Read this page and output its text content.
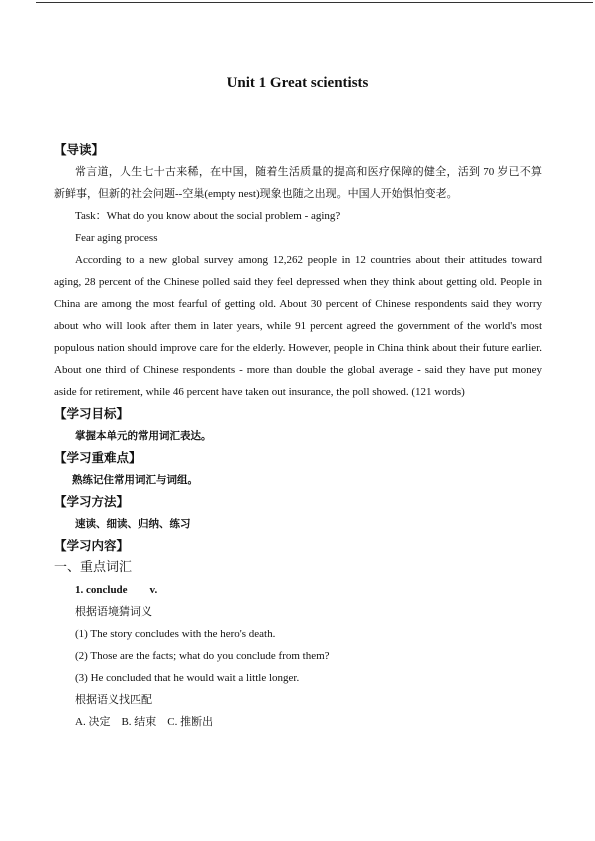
Unit 1 Great scientists
【导读】
常言道，人生七十古来稀，在中国，随着生活质量的提高和医疗保障的健全，活到 70 岁已不算新鲜事，但新的社会问题--空巢(empty nest)现象也随之出现。中国人开始惧怕变老。
Task：What do you know about the social problem - aging?
Fear aging process
According to a new global survey among 12,262 people in 12 countries about their attitudes toward aging, 28 percent of the Chinese polled said they feel depressed when they think about getting old. People in China are among the most fearful of getting old. About 30 percent of Chinese respondents said they worry about who will look after them in later years, while 91 percent agreed the government of the world's most populous nation should improve care for the elderly. However, people in China think about their future earlier. About one third of Chinese respondents - more than double the global average - said they have put money aside for retirement, while 46 percent have taken out insurance, the poll showed. (121 words)
【学习目标】
掌握本单元的常用词汇表达。
【学习重难点】
熟练记住常用词汇与词组。
【学习方法】
速读、细读、归纳、练习
【学习内容】
一、重点词汇
1. conclude        v.
根据语境猜词义
(1) The story concludes with the hero's death.
(2) Those are the facts; what do you conclude from them?
(3) He concluded that he would wait a little longer.
根据语义找匹配
A. 决定    B. 结束    C. 推断出
